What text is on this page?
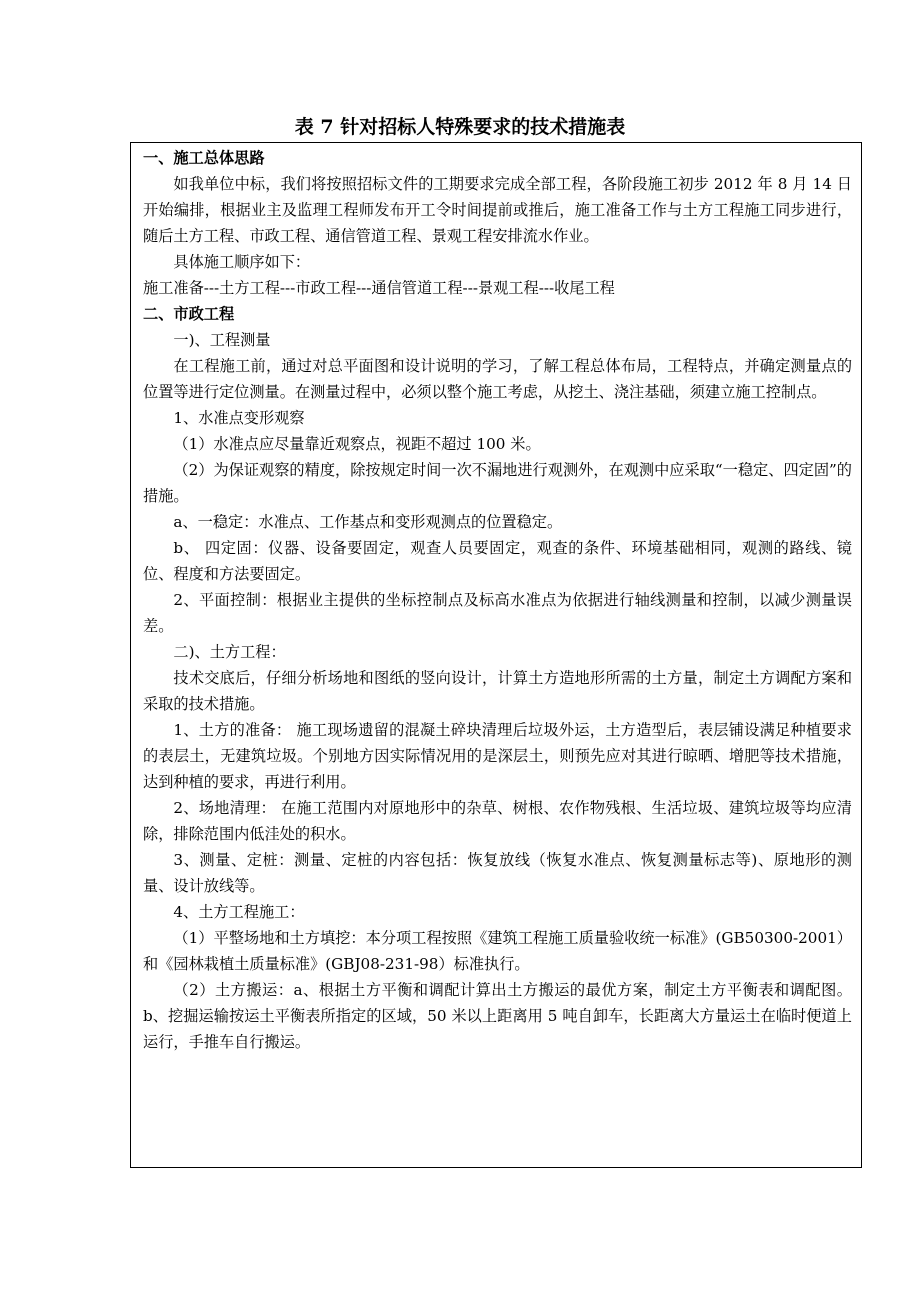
表 7 针对招标人特殊要求的技术措施表

一、施工总体思路

如我单位中标，我们将按照招标文件的工期要求完成全部工程，各阶段施工初步 2012 年 8 月 14 日开始编排，根据业主及监理工程师发布开工令时间提前或推后，施工准备工作与土方工程施工同步进行，随后土方工程、市政工程、通信管道工程、景观工程安排流水作业。

具体施工顺序如下：

施工准备---土方工程---市政工程---通信管道工程---景观工程---收尾工程

二、市政工程

一)、工程测量

在工程施工前，通过对总平面图和设计说明的学习，了解工程总体布局，工程特点，并确定测量点的位置等进行定位测量。在测量过程中，必须以整个施工考虑，从挖土、浇注基础，须建立施工控制点。

1、水准点变形观察

（1）水准点应尽量靠近观察点，视距不超过 100 米。

（2）为保证观察的精度，除按规定时间一次不漏地进行观测外，在观测中应采取“一稳定、四定固”的措施。

a、一稳定：水准点、工作基点和变形观测点的位置稳定。

b、 四定固：仪器、设备要固定，观查人员要固定，观查的条件、环境基础相同，观测的路线、镜位、程度和方法要固定。

2、平面控制：根据业主提供的坐标控制点及标高水准点为依据进行轴线测量和控制，以减少测量误差。

二)、土方工程：

技术交底后，仔细分析场地和图纸的竖向设计，计算土方造地形所需的土方量，制定土方调配方案和采取的技术措施。

1、土方的准备： 施工现场遗留的混凝土碎块清理后垃圾外运，土方造型后，表层铺设满足种植要求的表层土，无建筑垃圾。个别地方因实际情况用的是深层土，则预先应对其进行晾晒、增肥等技术措施，达到种植的要求，再进行利用。

2、场地清理： 在施工范围内对原地形中的杂草、树根、农作物残根、生活垃圾、建筑垃圾等均应清除，排除范围内低洼处的积水。

3、测量、定桩：测量、定桩的内容包括：恢复放线（恢复水准点、恢复测量标志等)、原地形的测量、设计放线等。

4、土方工程施工：

（1）平整场地和土方填挖：本分项工程按照《建筑工程施工质量验收统一标准》(GB50300-2001）和《园林栽植土质量标准》(GBJ08-231-98）标准执行。

（2）土方搬运：a、根据土方平衡和调配计算出土方搬运的最优方案，制定土方平衡表和调配图。b、挖掘运输按运土平衡表所指定的区域，50 米以上距离用 5 吨自卸车，长距离大方量运土在临时便道上运行，手推车自行搬运。
